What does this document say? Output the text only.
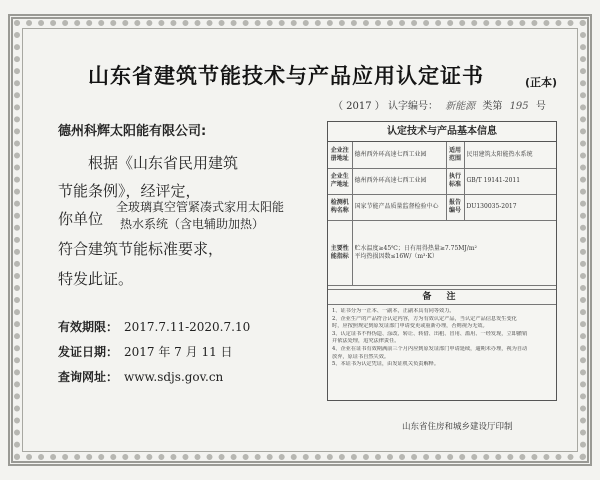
山东省建筑节能技术与产品应用认定证书	(正本)
（ 2017 ） 认字编号： 新能源 类第 195 号
德州科辉太阳能有限公司:
根据《山东省民用建筑
节能条例》，经评定，
你单位
全玻璃真空管紧凑式家用太阳能
热水系统（含电辅助加热）
符合建筑节能标准要求，
特发此证。
有效期限： 2017.7.11-2020.7.10
发证日期： 2017 年 7 月 11 日
查询网址： www.sdjs.gov.cn
认定技术与产品基本信息
企业注册地址	德州西外环高速七西工业园	适用范围	民用建筑太阳能热水系统
企业生产地址	德州西外环高速七西工业园	执行标准	GB/T 19141-2011
检测机构名称	国家节能产品质量监督检验中心	报告编号	DU130035-2017
主要性能指标	贮水温度≥45℃；日有用得热量≥7.75MJ/m²
平均热损因数≤16W/（m³·K）		
备 注
1、证书分为一正本、一副本，正副本具有同等效力。
2、企业生产的产品符合认定内容，方为有效认定产品，当认定产品信息发生变化
时，应按照规定到原发证部门申请变更或重新办理，否则视为无效。
3、认定证书不得伪造、涂改、转让、转借、出租、冒用、滥用、一经发现，立即撤销
并依法处理，追究法律责任。
4、企业在证书有效期满前三个月内应到原发证部门申请延续，逾期未办理，视为自动
放弃，原证书自然失效。
5、本证书为认定凭证，由发证机关负责解释。
山东省住房和城乡建设厅印制
